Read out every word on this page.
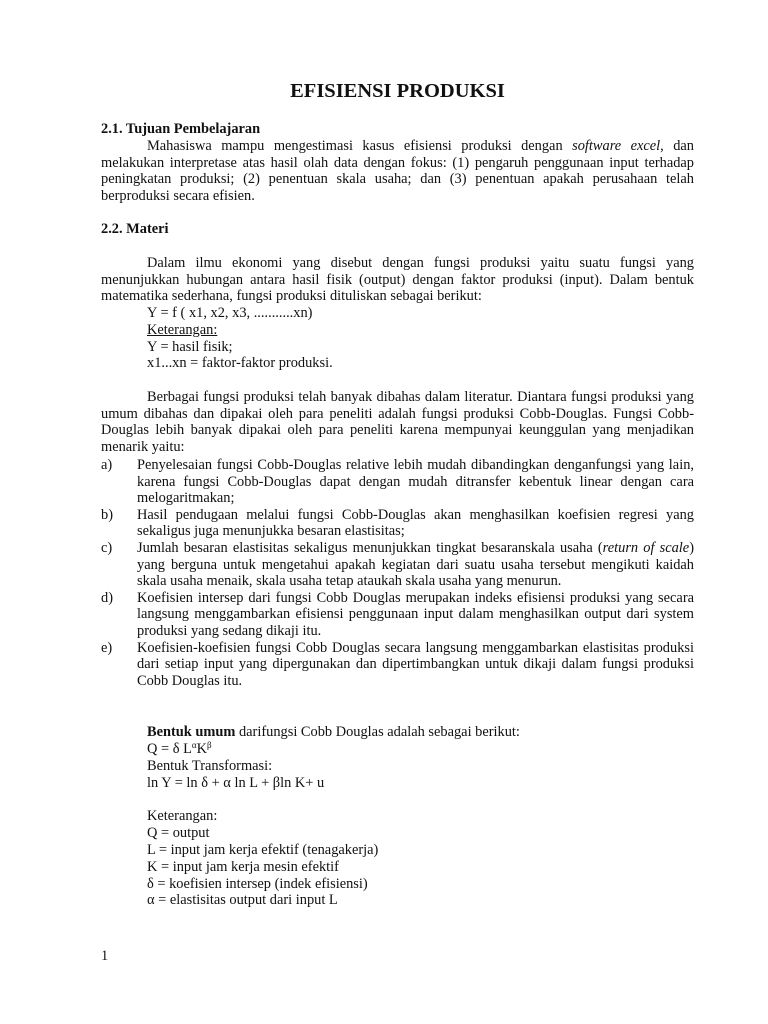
EFISIENSI PRODUKSI
2.1. Tujuan Pembelajaran
Mahasiswa mampu mengestimasi kasus efisiensi produksi dengan software excel, dan melakukan interpretase atas hasil olah data dengan fokus: (1) pengaruh penggunaan input terhadap peningkatan produksi; (2) penentuan skala usaha; dan (3) penentuan apakah perusahaan telah berproduksi secara efisien.
2.2. Materi
Dalam ilmu ekonomi yang disebut dengan fungsi produksi yaitu suatu fungsi yang menunjukkan hubungan antara hasil fisik (output) dengan faktor produksi (input). Dalam bentuk matematika sederhana, fungsi produksi dituliskan sebagai berikut:
Y = f ( x1, x2, x3, ...........xn)
Keterangan:
Y = hasil fisik;
x1...xn = faktor-faktor produksi.
Berbagai fungsi produksi telah banyak dibahas dalam literatur. Diantara fungsi produksi yang umum dibahas dan dipakai oleh para peneliti adalah fungsi produksi Cobb-Douglas. Fungsi Cobb-Douglas lebih banyak dipakai oleh para peneliti karena mempunyai keunggulan yang menjadikan menarik yaitu:
a) Penyelesaian fungsi Cobb-Douglas relative lebih mudah dibandingkan denganfungsi yang lain, karena fungsi Cobb-Douglas dapat dengan mudah ditransfer kebentuk linear dengan cara melogaritmakan;
b) Hasil pendugaan melalui fungsi Cobb-Douglas akan menghasilkan koefisien regresi yang sekaligus juga menunjukka besaran elastisitas;
c) Jumlah besaran elastisitas sekaligus menunjukkan tingkat besaranskala usaha (return of scale) yang berguna untuk mengetahui apakah kegiatan dari suatu usaha tersebut mengikuti kaidah skala usaha menaik, skala usaha tetap ataukah skala usaha yang menurun.
d) Koefisien intersep dari fungsi Cobb Douglas merupakan indeks efisiensi produksi yang secara langsung menggambarkan efisiensi penggunaan input dalam menghasilkan output dari system produksi yang sedang dikaji itu.
e) Koefisien-koefisien fungsi Cobb Douglas secara langsung menggambarkan elastisitas produksi dari setiap input yang dipergunakan dan dipertimbangkan untuk dikaji dalam fungsi produksi Cobb Douglas itu.
Bentuk umum darifungsi Cobb Douglas adalah sebagai berikut:
Q = δ $L^\alpha K^\beta$
Bentuk Transformasi:
ln Y = ln δ + α ln L + βln K+ u
Keterangan:
Q = output
L = input jam kerja efektif (tenagakerja)
K = input jam kerja mesin efektif
δ = koefisien intersep (indek efisiensi)
α = elastisitas output dari input L
1
